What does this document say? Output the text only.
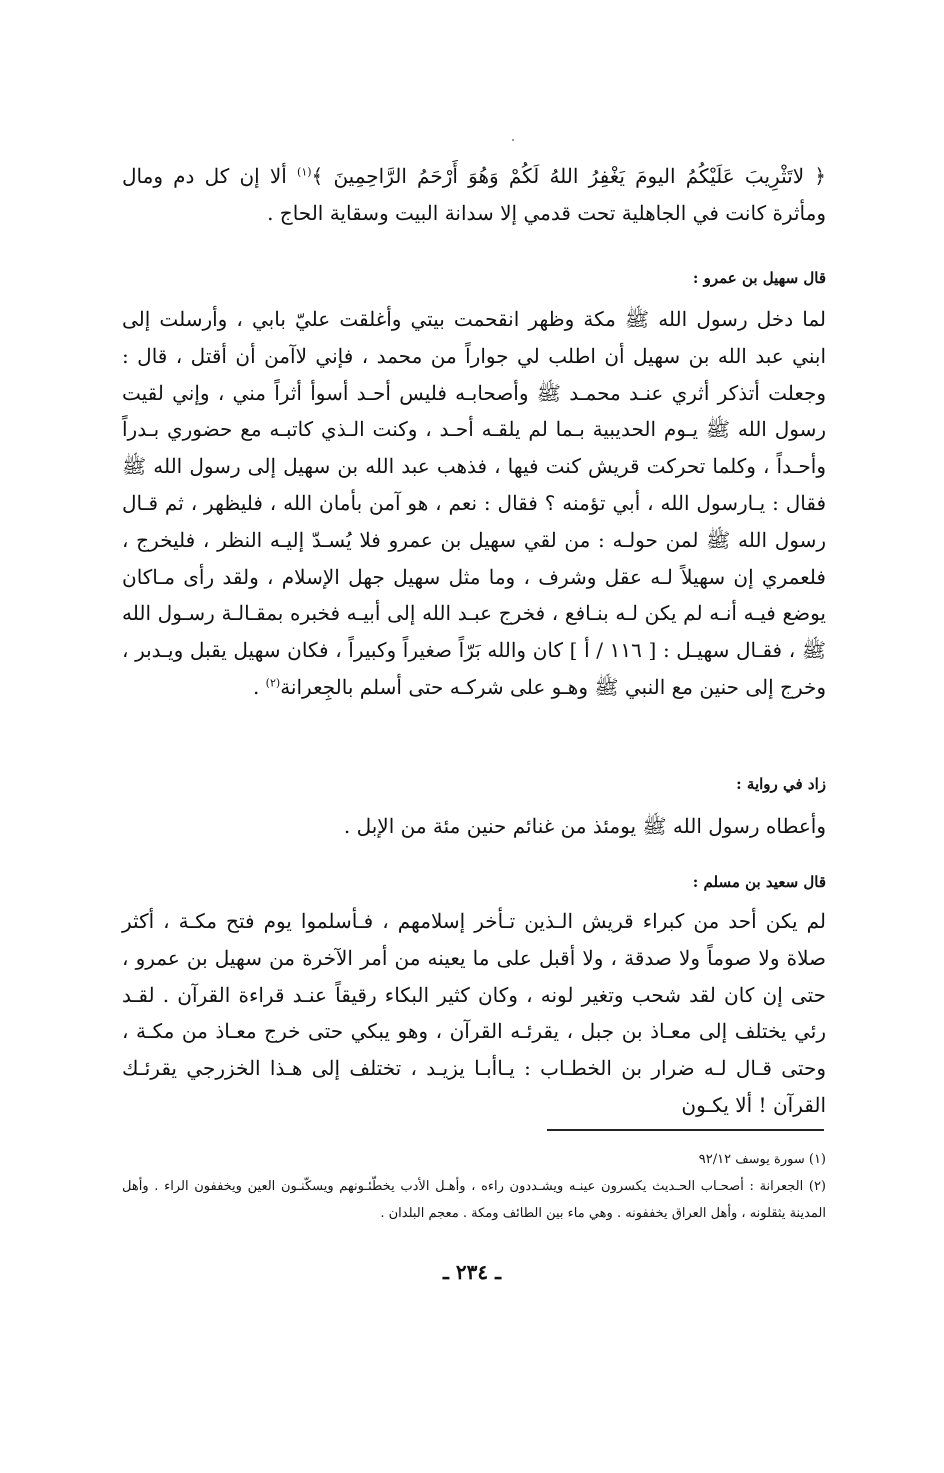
﴿ لاتَثْرِيبَ عَلَيْكُمُ اليومَ يَغْفِرُ اللهُ لَكُمْ وَهُوَ أَرْحَمُ الرَّاحِمِينَ ﴾$^{(١)}$ ألا إن كل دم ومال ومأثرة كانت في الجاهلية تحت قدمي إلا سدانة البيت وسقاية الحاج .
قال سهيل بن عمرو :
لما دخل رسول الله ﷺ مكة وظهر انقحمت بيتي وأغلقت عليّ بابي ، وأرسلت إلى ابني عبد الله بن سهيل أن اطلب لي جواراً من محمد ، فإني لاآمن أن أقتل ، قال : وجعلت أتذكر أثري عنـد محمـد ﷺ وأصحابـه فليس أحـد أسوأ أثراً مني ، وإني لقيت رسول الله ﷺ يـوم الحديبية بـما لم يلقـه أحـد ، وكنت الـذي كاتبـه مع حضوري بـدراً وأحـداً ، وكلما تحركت قريش كنت فيها ، فذهب عبد الله بن سهيل إلى رسول الله ﷺ فقال : يـارسول الله ، أبي تؤمنه ؟ فقال : نعم ، هو آمن بأمان الله ، فليظهر ، ثم قـال رسول الله ﷺ لمن حولـه : من لقي سهيل بن عمرو فلا يُسـدّ إليـه النظر ، فليخرج ، فلعمري إن سهيلاً لـه عقل وشرف ، وما مثل سهيل جهل الإسلام ، ولقد رأى مـاكان يوضع فيـه أنـه لم يكن لـه بنـافع ، فخرج عبـد الله إلى أبيـه فخبره بمقـالـة رسـول الله ﷺ ، فقـال سهيـل : [ ١١٦ / أ ] كان والله بَرّاً صغيراً وكبيراً ، فكان سهيل يقبل ويـدبر ، وخرج إلى حنين مع النبي ﷺ وهـو على شركـه حتى أسلم بالجِعرانة$^{(٢)}$ .
زاد في رواية :
وأعطاه رسول الله ﷺ يومئذ من غنائم حنين مئة من الإبل .
قال سعيد بن مسلم :
لم يكن أحد من كبراء قريش الـذين تـأخر إسلامهم ، فـأسلموا يوم فتح مكـة ، أكثر صلاة ولا صوماً ولا صدقة ، ولا أقبل على ما يعينه من أمر الآخرة من سهيل بن عمرو ، حتى إن كان لقد شحب وتغير لونه ، وكان كثير البكاء رقيقاً عنـد قراءة القرآن . لقـد رئي يختلف إلى معـاذ بن جبل ، يقرئـه القرآن ، وهو يبكي حتى خرج معـاذ من مكـة ، وحتى قـال لـه ضرار بن الخطـاب : يـاأبـا يزيـد ، تختلف إلى هـذا الخزرجي يقرئـك القرآن ! ألا يكـون

(١) سورة يوسف ٩٢/١٢

(٢) الجعرانة : أصحـاب الحـديث يكسرون عينـه ويشـددون راءه ، وأهـل الأدب يخطّئـونهم ويسكّنـون العين ويخففون الراء . وأهل المدينة يثقلونه ، وأهل العراق يخففونه . وهي ماء بين الطائف ومكة . معجم البلدان .

ـ ٢٣٤ ـ
